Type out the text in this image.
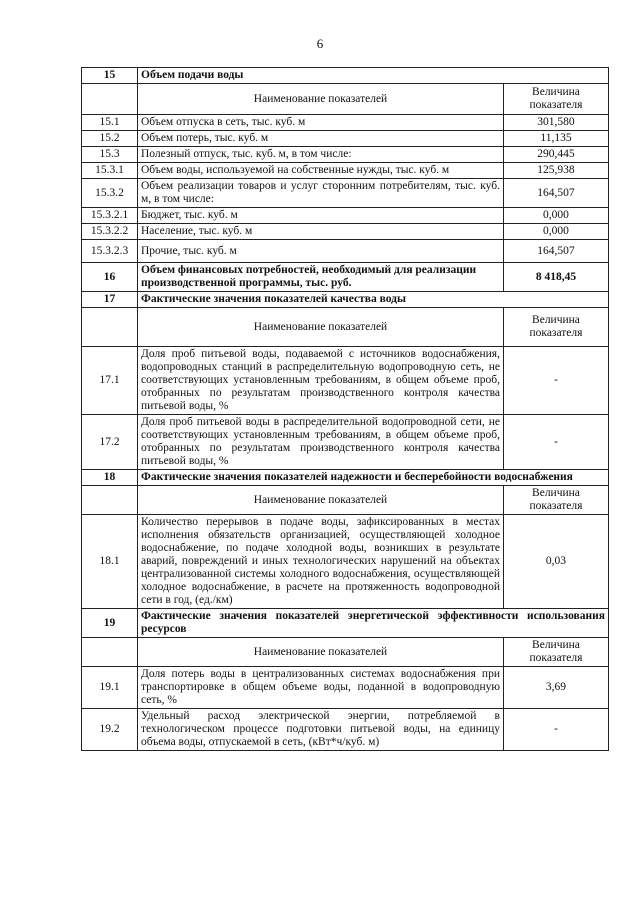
6
15	Объем подачи воды	
	Наименование показателей	Величина показателя
15.1	Объем отпуска в сеть, тыс. куб. м	301,580
15.2	Объем потерь, тыс. куб. м	11,135
15.3	Полезный отпуск, тыс. куб. м, в том числе:	290,445
15.3.1	Объем воды, используемой на собственные нужды, тыс. куб. м	125,938
15.3.2	Объем реализации товаров и услуг сторонним потребителям, тыс. куб. м, в том числе:	164,507
15.3.2.1	Бюджет, тыс. куб. м	0,000
15.3.2.2	Население, тыс. куб. м	0,000
15.3.2.3	Прочие, тыс. куб. м	164,507
16	Объем финансовых потребностей, необходимый для реализации производственной программы, тыс. руб.	8 418,45
17	Фактические значения показателей качества воды	
	Наименование показателей	Величина показателя
17.1	Доля проб питьевой воды, подаваемой с источников водоснабжения, водопроводных станций в распределительную водопроводную сеть, не соответствующих установленным требованиям, в общем объеме проб, отобранных по результатам производственного контроля качества питьевой воды, %	-
17.2	Доля проб питьевой воды в распределительной водопроводной сети, не соответствующих установленным требованиям, в общем объеме проб, отобранных по результатам производственного контроля качества питьевой воды, %	-
18	Фактические значения показателей надежности и бесперебойности водоснабжения	
	Наименование показателей	Величина показателя
18.1	Количество перерывов в подаче воды, зафиксированных в местах исполнения обязательств организацией, осуществляющей холодное водоснабжение, по подаче холодной воды, возникших в результате аварий, повреждений и иных технологических нарушений на объектах централизованной системы холодного водоснабжения, осуществляющей холодное водоснабжение, в расчете на протяженность водопроводной сети в год, (ед./км)	0,03
19	Фактические значения показателей энергетической эффективности использования ресурсов	
	Наименование показателей	Величина показателя
19.1	Доля потерь воды в централизованных системах водоснабжения при транспортировке в общем объеме воды, поданной в водопроводную сеть, %	3,69
19.2	Удельный расход электрической энергии, потребляемой в технологическом процессе подготовки питьевой воды, на единицу объема воды, отпускаемой в сеть, (кВт*ч/куб. м)	-
